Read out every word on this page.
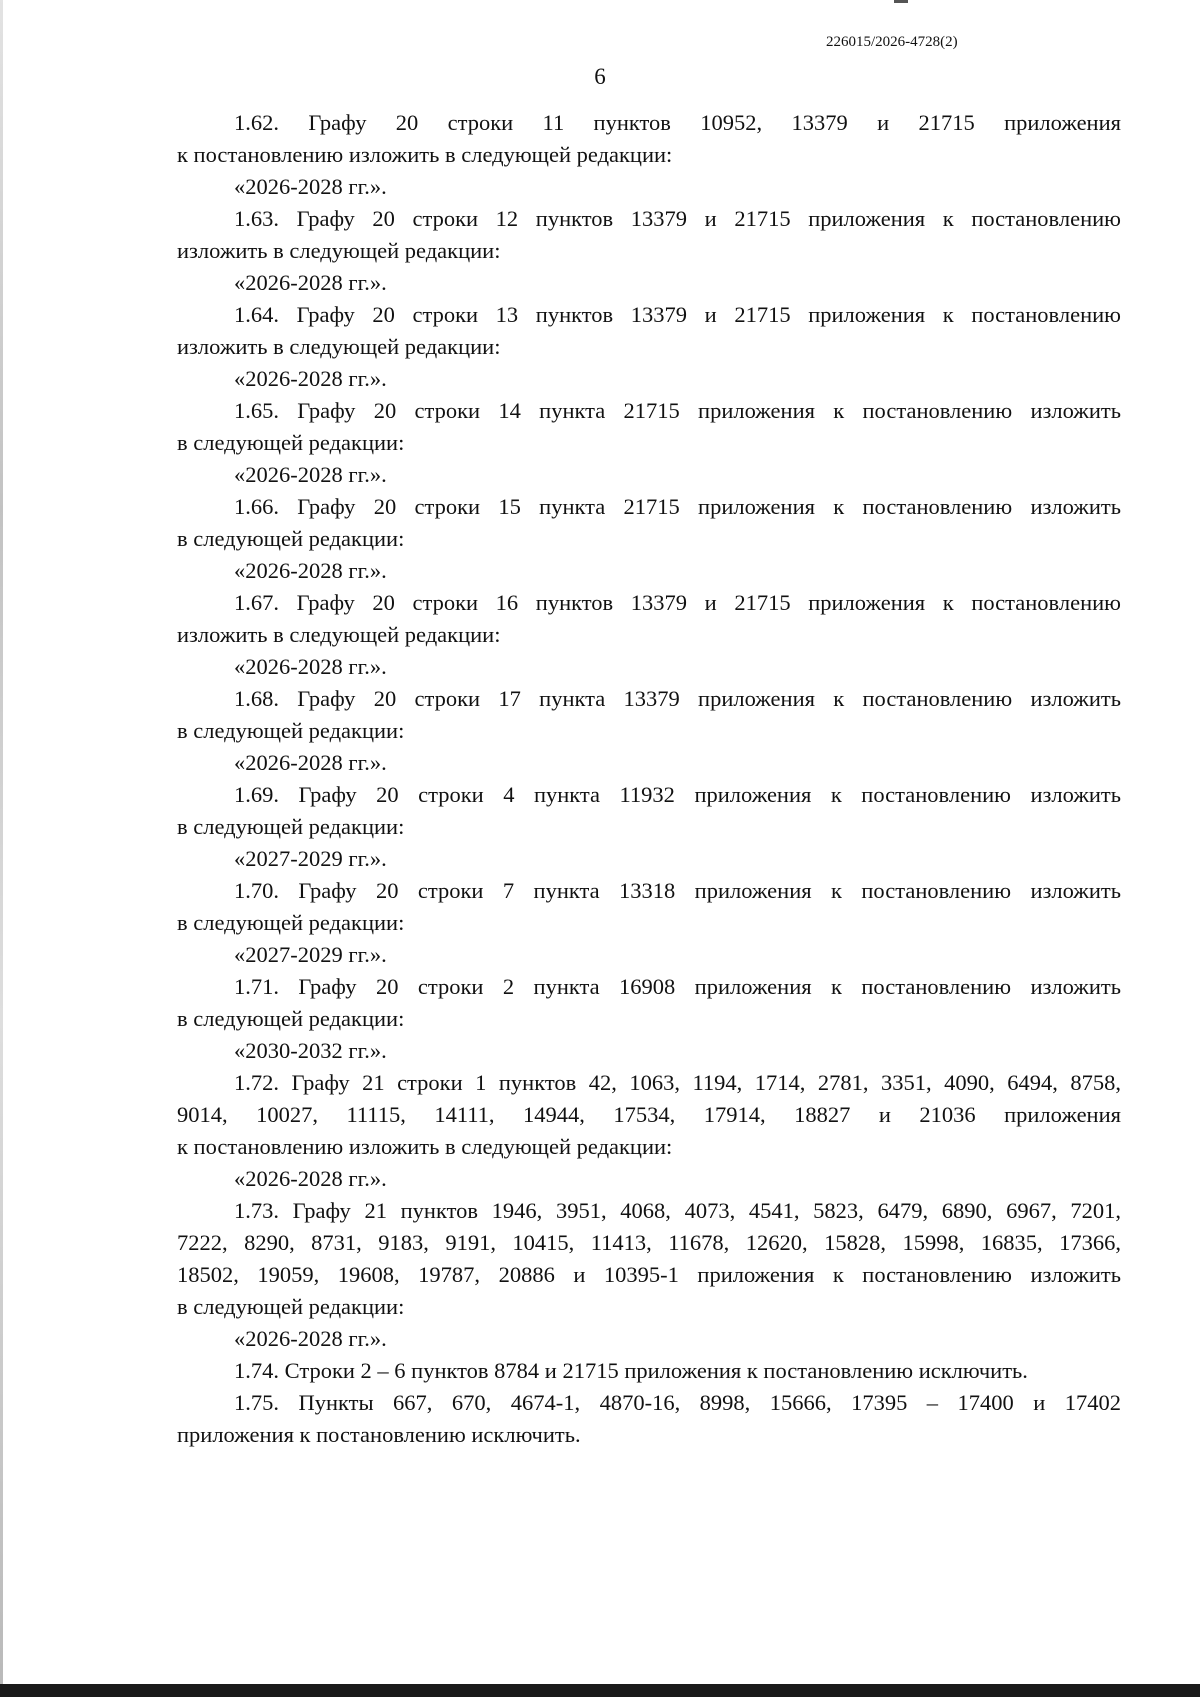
226015/2026-4728(2)
6
1.62. Графу 20 строки 11 пунктов 10952, 13379 и 21715 приложения
к постановлению изложить в следующей редакции:
«2026-2028 гг.».
1.63. Графу 20 строки 12 пунктов 13379 и 21715 приложения к постановлению
изложить в следующей редакции:
«2026-2028 гг.».
1.64. Графу 20 строки 13 пунктов 13379 и 21715 приложения к постановлению
изложить в следующей редакции:
«2026-2028 гг.».
1.65. Графу 20 строки 14 пункта 21715 приложения к постановлению изложить
в следующей редакции:
«2026-2028 гг.».
1.66. Графу 20 строки 15 пункта 21715 приложения к постановлению изложить
в следующей редакции:
«2026-2028 гг.».
1.67. Графу 20 строки 16 пунктов 13379 и 21715 приложения к постановлению
изложить в следующей редакции:
«2026-2028 гг.».
1.68. Графу 20 строки 17 пункта 13379 приложения к постановлению изложить
в следующей редакции:
«2026-2028 гг.».
1.69. Графу 20 строки 4 пункта 11932 приложения к постановлению изложить
в следующей редакции:
«2027-2029 гг.».
1.70. Графу 20 строки 7 пункта 13318 приложения к постановлению изложить
в следующей редакции:
«2027-2029 гг.».
1.71. Графу 20 строки 2 пункта 16908 приложения к постановлению изложить
в следующей редакции:
«2030-2032 гг.».
1.72. Графу 21 строки 1 пунктов 42, 1063, 1194, 1714, 2781, 3351, 4090, 6494, 8758,
9014, 10027, 11115, 14111, 14944, 17534, 17914, 18827 и 21036 приложения
к постановлению изложить в следующей редакции:
«2026-2028 гг.».
1.73. Графу 21 пунктов 1946, 3951, 4068, 4073, 4541, 5823, 6479, 6890, 6967, 7201,
7222, 8290, 8731, 9183, 9191, 10415, 11413, 11678, 12620, 15828, 15998, 16835, 17366,
18502, 19059, 19608, 19787, 20886 и 10395-1 приложения к постановлению изложить
в следующей редакции:
«2026-2028 гг.».
1.74. Строки 2 – 6 пунктов 8784 и 21715 приложения к постановлению исключить.
1.75. Пункты 667, 670, 4674-1, 4870-16, 8998, 15666, 17395 – 17400 и 17402
приложения к постановлению исключить.
